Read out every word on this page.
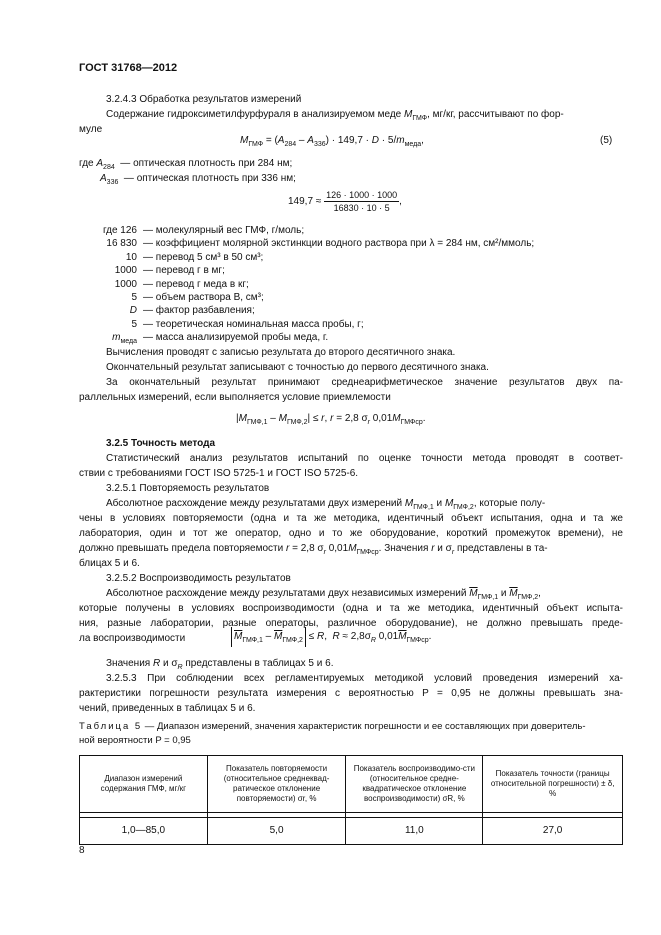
ГОСТ 31768—2012
3.2.4.3 Обработка результатов измерений
Содержание гидроксиметилфурфураля в анализируемом меде $M_{ГМФ}$, мг/кг, рассчитывают по фор-
муле
$M_{ГМФ} = (A_{284} - A_{336}) \cdot 149,7 \cdot D \cdot 5/m_{меда}$,	(5)
где $A_{284}$ — оптическая плотность при 284 нм;
$A_{336}$ — оптическая плотность при 336 нм;
$149,7 \approx \frac{126 \cdot 1000 \cdot 1000}{16830 \cdot 10 \cdot 5}$ ,
где 126	— молекулярный вес ГМФ, г/моль;
16 830	— коэффициент молярной экстинкции водного раствора при λ = 284 нм, см²/ммоль;
10	— перевод 5 см³ в 50 см³;
1000	— перевод г в мг;
1000	— перевод г меда в кг;
5	— объем раствора В, см³;
D	— фактор разбавления;
5	— теоретическая номинальная масса пробы, г;
$m_{меда}$	— масса анализируемой пробы меда, г.
Вычисления проводят с записью результата до второго десятичного знака.
Окончательный результат записывают с точностью до первого десятичного знака.
За окончательный результат принимают среднеарифметическое значение результатов двух па-
раллельных измерений, если выполняется условие приемлемости
$|M_{ГМФ,1} - M_{ГМФ,2}| \le r$, r = 2,8 $\sigma_r$ $0,01M_{ГМФср}$.
3.2.5 Точность метода
Статистический анализ результатов испытаний по оценке точности метода проводят в соответ-
ствии с требованиями ГОСТ ISO 5725-1 и ГОСТ ISO 5725-6.
3.2.5.1 Повторяемость результатов
Абсолютное расхождение между результатами двух измерений $M_{ГМФ,1}$ и $M_{ГМФ,2}$, которые полу-
чены в условиях повторяемости (одна и та же методика, идентичный объект испытания, одна и та же
лаборатория, один и тот же оператор, одно и то же оборудование, короткий промежуток времени), не
должно превышать предела повторяемости r = 2,8 $\sigma_r$ $0,01M_{ГМФср}$. Значения r и $\sigma_r$ представлены в та-
блицах 5 и 6.
3.2.5.2 Воспроизводимость результатов
Абсолютное расхождение между результатами двух независимых измерений $\overline{M}_{ГМФ,1}$ и $\overline{M}_{ГМФ,2}$,
которые получены в условиях воспроизводимости (одна и та же методика, идентичный объект испыта-
ния, разные лаборатории, разные операторы, различное оборудование), не должно превышать преде-
ла воспроизводимости	$\overline{M}_{ГМФ,1} - \overline{M}_{ГМФ,2} \le R$,  $R \approx 2,8\sigma_R$ $0,01\overline{M}_{ГМФср}$.
Значения R и $\sigma_R$ представлены в таблицах 5 и 6.
3.2.5.3 При соблюдении всех регламентируемых методикой условий проведения измерений ха-
рактеристики погрешности результата измерения с вероятностью P = 0,95 не должны превышать зна-
чений, приведенных в таблицах 5 и 6.
Таблица 5 — Диапазон измерений, значения характеристик погрешности и ее составляющих при доверитель-
ной вероятности P = 0,95
Диапазон измерений содержания ГМФ, мг/кг	Показатель повторяемости (относительное среднеквад-ратическое отклонение повторяемости) σr, %	Показатель воспроизводимо-сти (относительное средне-квадратическое отклонение воспроизводимости) σR, %	Показатель точности (границы относительной погрешности) ± δ, %

1,0—85,0	5,0	11,0	27,0
8
